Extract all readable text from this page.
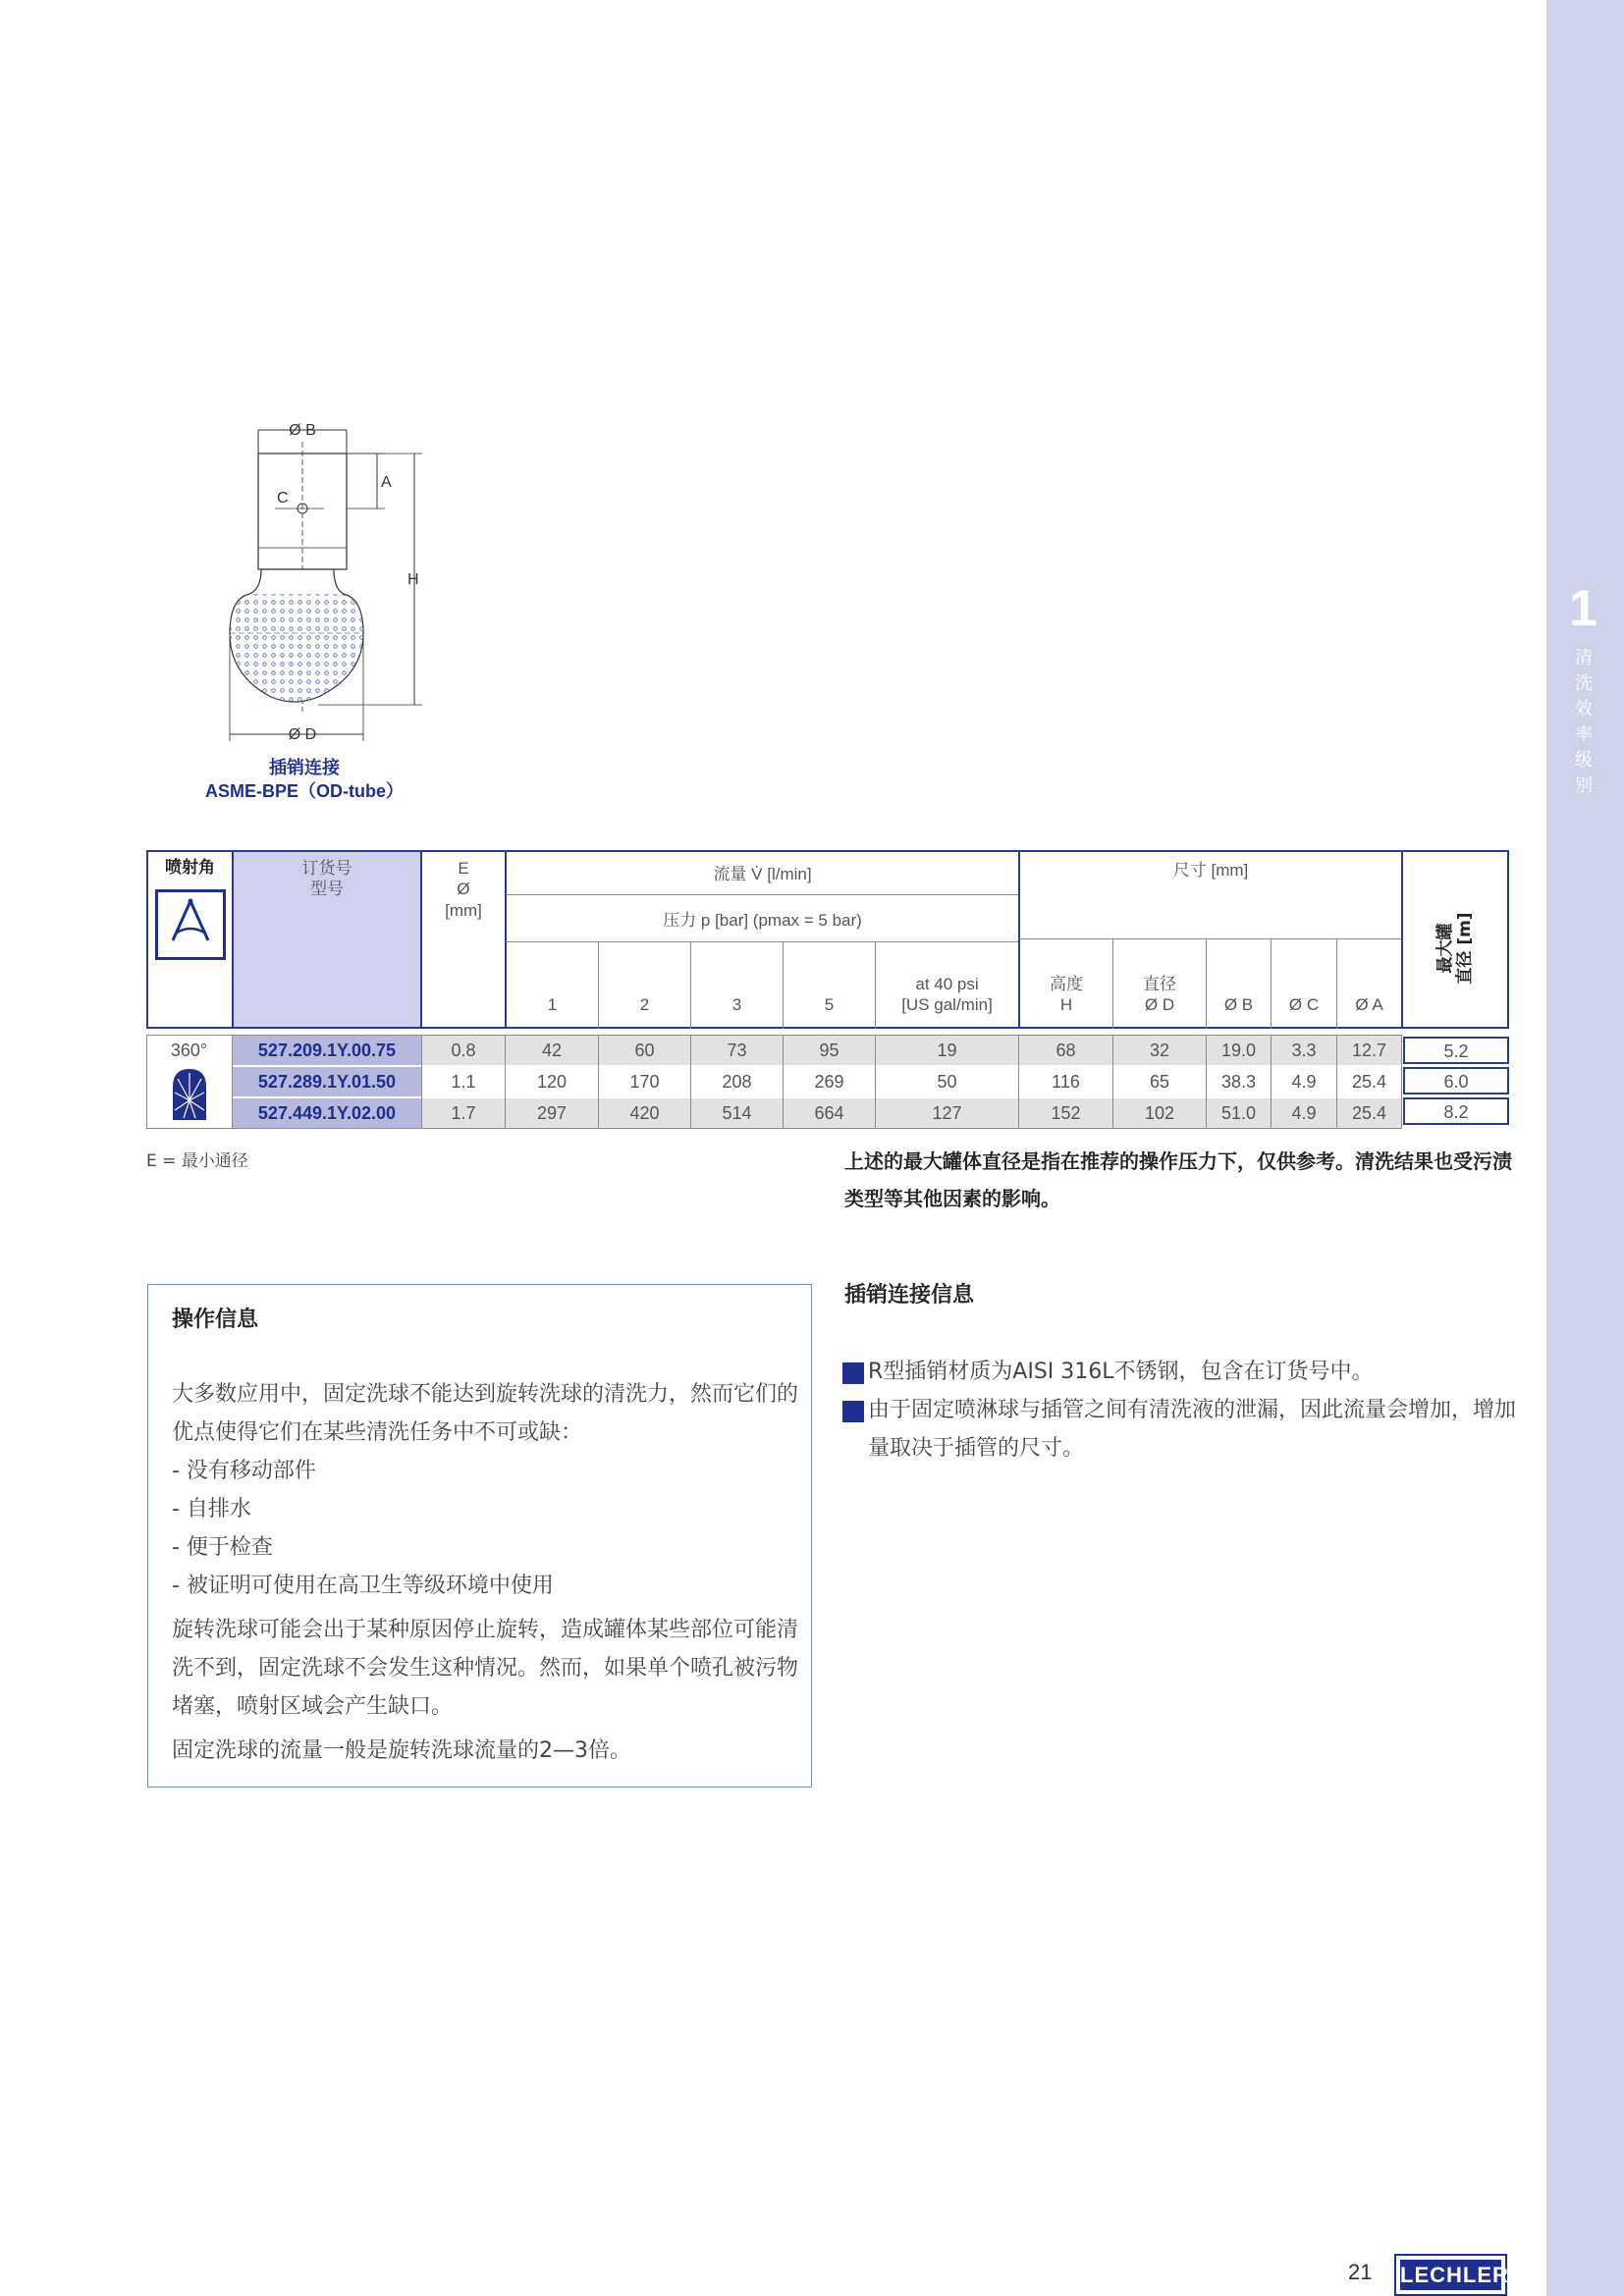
1
清洗效率级别
Ø B
A
C
H
Ø D
插销连接
ASME-BPE（OD-tube）
喷射角	订货号
型号
E
Ø
[mm]
流量 V̇ [l/min]
压力 p [bar] (pmax = 5 bar)
1	2	3	5
at 40 psi
[US gal/min]
尺寸 [mm]
高度
H
直径
Ø D	Ø B	Ø C	Ø A
最大罐 直径 [m]
360°	527.209.1Y.00.75	0.8	42	60	73	95	19	68	32	19.0	3.3	12.7	5.2
527.289.1Y.01.50	1.1	120	170	208	269	50	116	65	38.3	4.9	25.4	6.0
527.449.1Y.02.00	1.7	297	420	514	664	127	152	102	51.0	4.9	25.4	8.2
E = 最小通径	上述的最大罐体直径是指在推荐的操作压力下，仅供参考。清洗结果也受污渍类型等其他因素的影响。
操作信息

大多数应用中，固定洗球不能达到旋转洗球的清洗力，然而它们的优点使得它们在某些清洗任务中不可或缺：

- 没有移动部件

- 自排水

- 便于检查

- 被证明可使用在高卫生等级环境中使用

旋转洗球可能会出于某种原因停止旋转，造成罐体某些部位可能清洗不到，固定洗球不会发生这种情况。然而，如果单个喷孔被污物堵塞，喷射区域会产生缺口。

固定洗球的流量一般是旋转洗球流量的2—3倍。

插销连接信息
R型插销材质为AISI 316L不锈钢，包含在订货号中。
由于固定喷淋球与插管之间有清洗液的泄漏，因此流量会增加，增加量取决于插管的尺寸。
21 LECHLER
